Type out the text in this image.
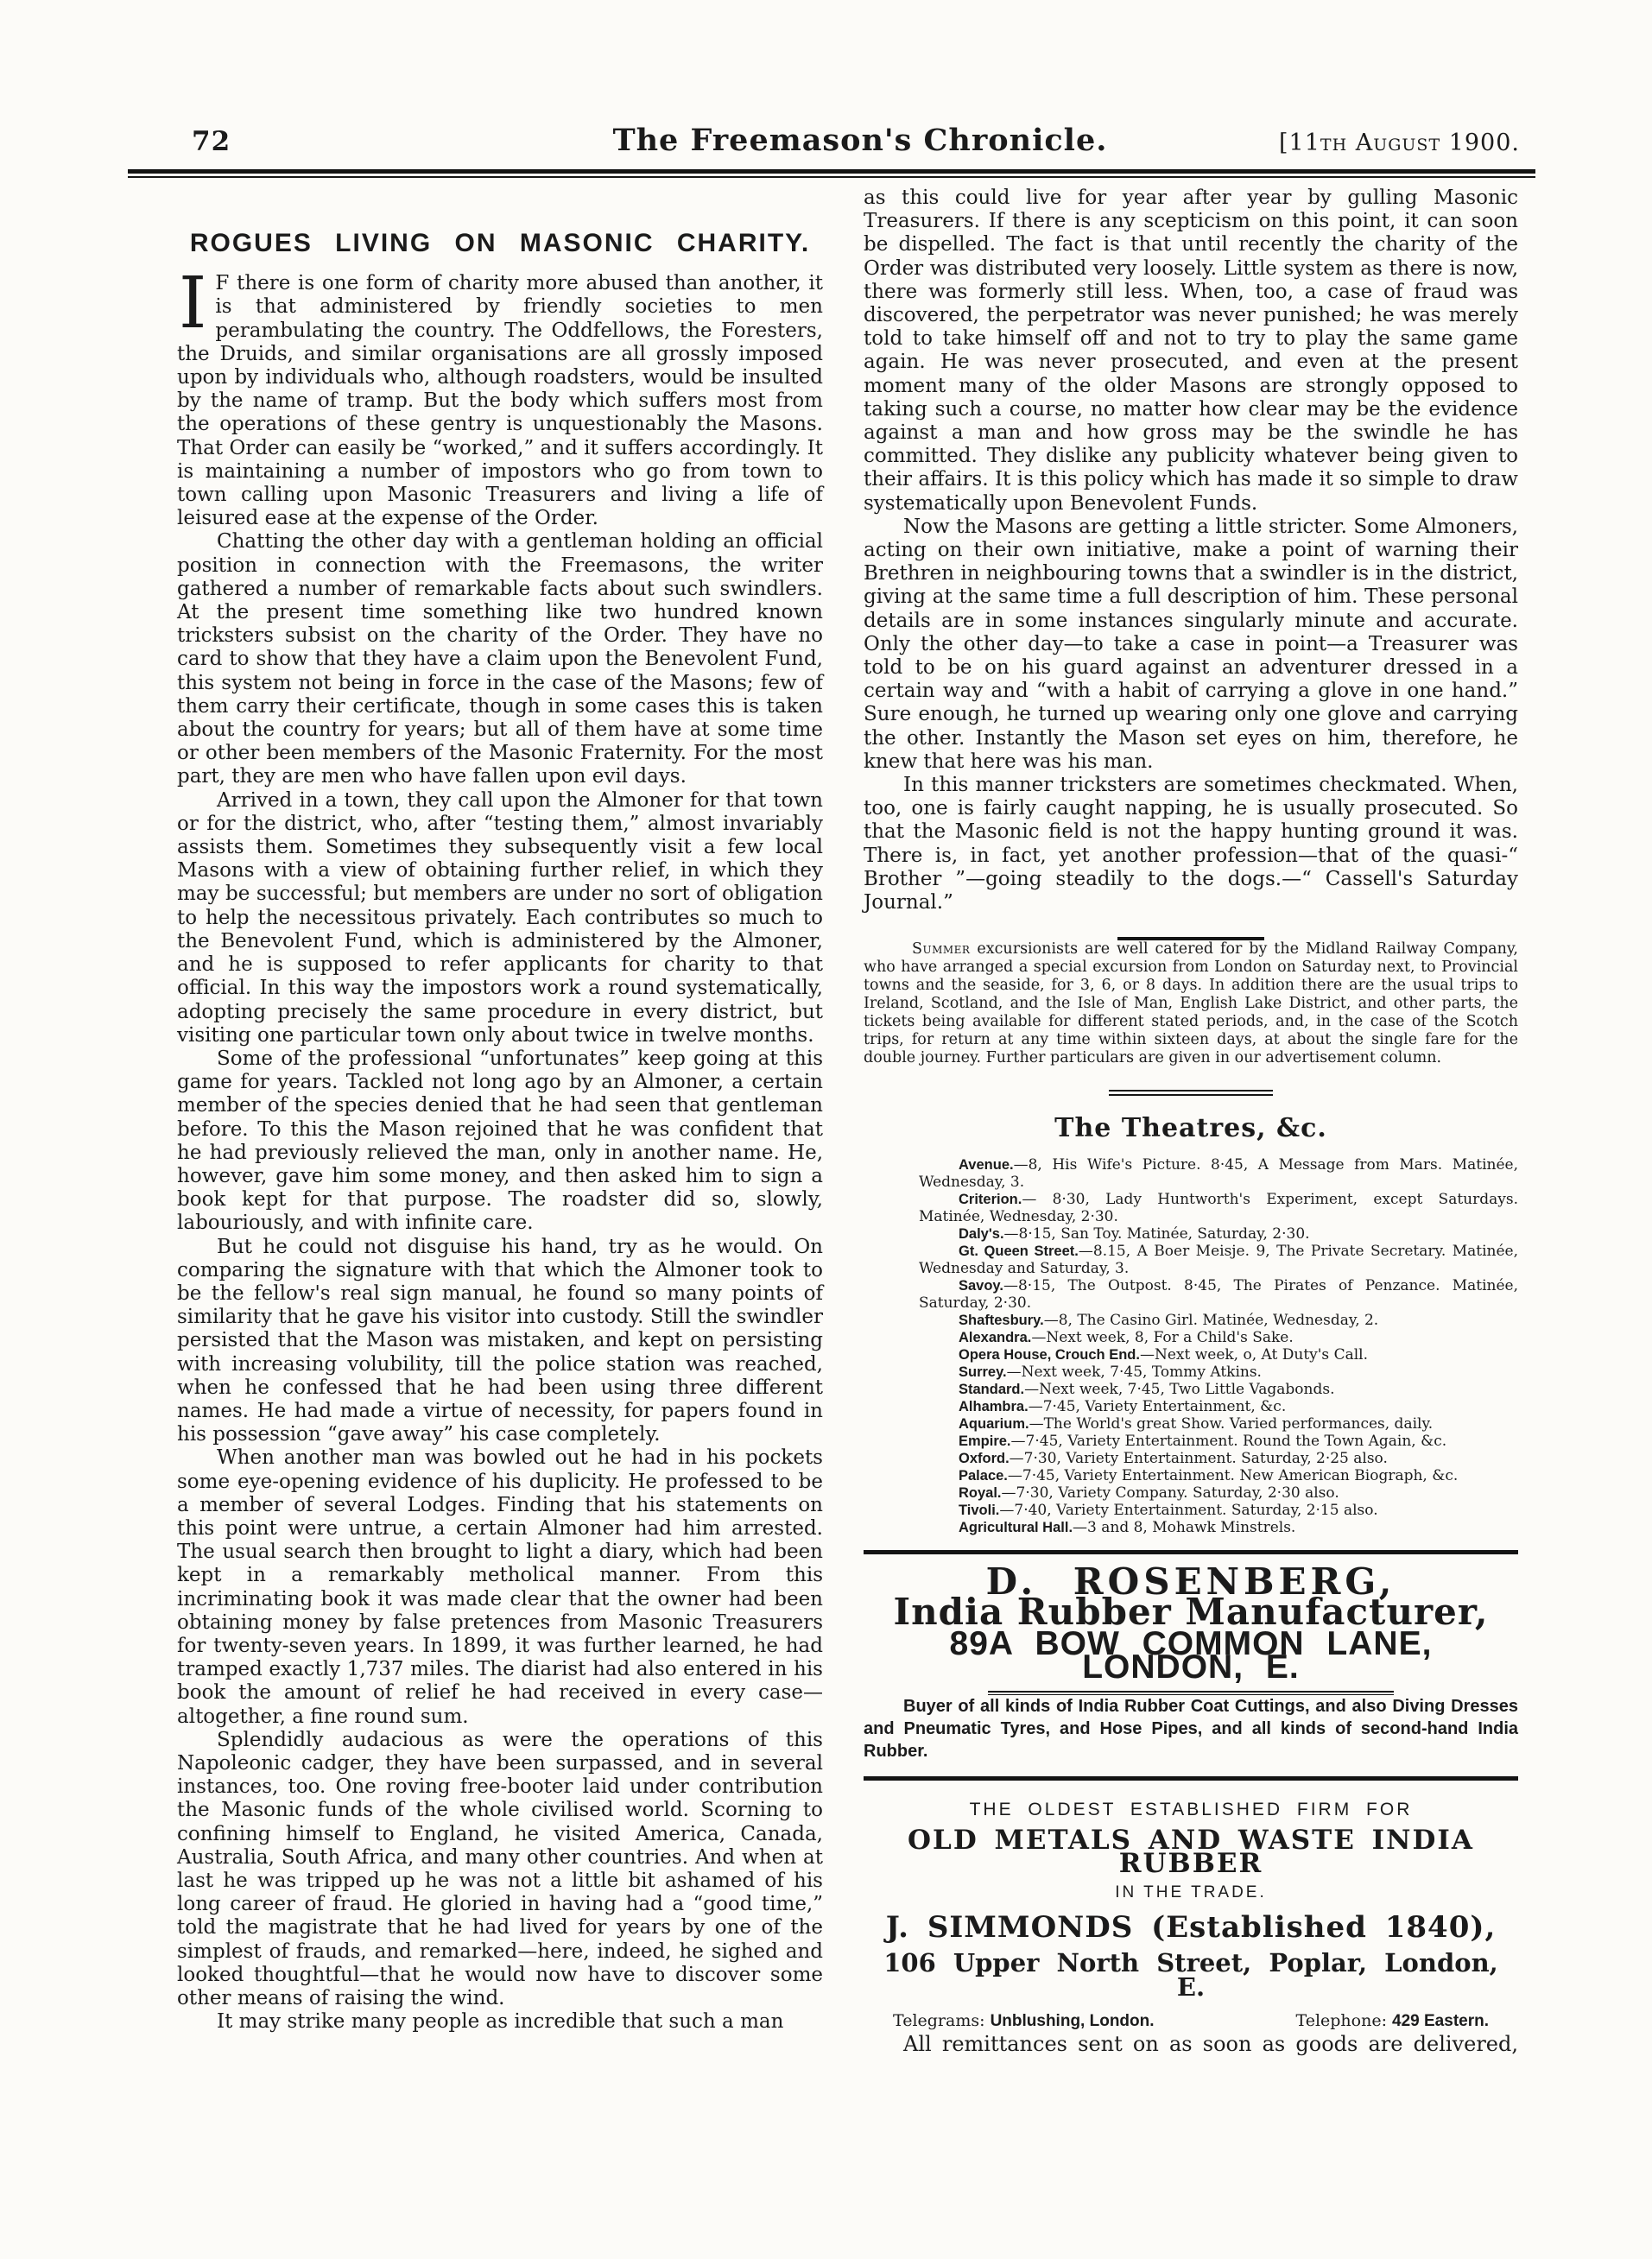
72	The Freemason's Chronicle.	[11th August 1900.
ROGUES LIVING ON MASONIC CHARITY.

I F there is one form of charity more abused than another, it is that administered by friendly societies to men perambulating the country. The Oddfellows, the Foresters, the Druids, and similar organisations are all grossly imposed upon by individuals who, although roadsters, would be insulted by the name of tramp. But the body which suffers most from the operations of these gentry is unquestionably the Masons. That Order can easily be “worked,” and it suffers accordingly. It is maintaining a number of impostors who go from town to town calling upon Masonic Treasurers and living a life of leisured ease at the expense of the Order.

Chatting the other day with a gentleman holding an official position in connection with the Freemasons, the writer gathered a number of remarkable facts about such swindlers. At the present time something like two hundred known tricksters subsist on the charity of the Order. They have no card to show that they have a claim upon the Benevolent Fund, this system not being in force in the case of the Masons; few of them carry their certificate, though in some cases this is taken about the country for years; but all of them have at some time or other been members of the Masonic Fraternity. For the most part, they are men who have fallen upon evil days.

Arrived in a town, they call upon the Almoner for that town or for the district, who, after “testing them,” almost invariably assists them. Sometimes they subsequently visit a few local Masons with a view of obtaining further relief, in which they may be successful; but members are under no sort of obligation to help the necessitous privately. Each contributes so much to the Benevolent Fund, which is administered by the Almoner, and he is supposed to refer applicants for charity to that official. In this way the impostors work a round systematically, adopting precisely the same procedure in every district, but visiting one particular town only about twice in twelve months.

Some of the professional “unfortunates” keep going at this game for years. Tackled not long ago by an Almoner, a certain member of the species denied that he had seen that gentleman before. To this the Mason rejoined that he was confident that he had previously relieved the man, only in another name. He, however, gave him some money, and then asked him to sign a book kept for that purpose. The roadster did so, slowly, labouriously, and with infinite care.

But he could not disguise his hand, try as he would. On comparing the signature with that which the Almoner took to be the fellow's real sign manual, he found so many points of similarity that he gave his visitor into custody. Still the swindler persisted that the Mason was mistaken, and kept on persisting with increasing volubility, till the police station was reached, when he confessed that he had been using three different names. He had made a virtue of necessity, for papers found in his possession “gave away” his case completely.

When another man was bowled out he had in his pockets some eye-opening evidence of his duplicity. He professed to be a member of several Lodges. Finding that his statements on this point were untrue, a certain Almoner had him arrested. The usual search then brought to light a diary, which had been kept in a remarkably metholical manner. From this incriminating book it was made clear that the owner had been obtaining money by false pretences from Masonic Treasurers for twenty-seven years. In 1899, it was further learned, he had tramped exactly 1,737 miles. The diarist had also entered in his book the amount of relief he had received in every case—altogether, a fine round sum.

Splendidly audacious as were the operations of this Napoleonic cadger, they have been surpassed, and in several instances, too. One roving free-booter laid under contribution the Masonic funds of the whole civilised world. Scorning to confining himself to England, he visited America, Canada, Australia, South Africa, and many other countries. And when at last he was tripped up he was not a little bit ashamed of his long career of fraud. He gloried in having had a “good time,” told the magistrate that he had lived for years by one of the simplest of frauds, and remarked—here, indeed, he sighed and looked thoughtful—that he would now have to discover some other means of raising the wind.

It may strike many people as incredible that such a man

as this could live for year after year by gulling Masonic Treasurers. If there is any scepticism on this point, it can soon be dispelled. The fact is that until recently the charity of the Order was distributed very loosely. Little system as there is now, there was formerly still less. When, too, a case of fraud was discovered, the perpetrator was never punished; he was merely told to take himself off and not to try to play the same game again. He was never prosecuted, and even at the present moment many of the older Masons are strongly opposed to taking such a course, no matter how clear may be the evidence against a man and how gross may be the swindle he has committed. They dislike any publicity whatever being given to their affairs. It is this policy which has made it so simple to draw systematically upon Benevolent Funds.

Now the Masons are getting a little stricter. Some Almoners, acting on their own initiative, make a point of warning their Brethren in neighbouring towns that a swindler is in the district, giving at the same time a full description of him. These personal details are in some instances singularly minute and accurate. Only the other day—to take a case in point—a Treasurer was told to be on his guard against an adventurer dressed in a certain way and “with a habit of carrying a glove in one hand.” Sure enough, he turned up wearing only one glove and carrying the other. Instantly the Mason set eyes on him, therefore, he knew that here was his man.

In this manner tricksters are sometimes checkmated. When, too, one is fairly caught napping, he is usually prosecuted. So that the Masonic field is not the happy hunting ground it was. There is, in fact, yet another profession—that of the quasi-“ Brother ”—going steadily to the dogs.—“ Cassell's Saturday Journal.”

Summer excursionists are well catered for by the Midland Railway Company, who have arranged a special excursion from London on Saturday next, to Provincial towns and the seaside, for 3, 6, or 8 days. In addition there are the usual trips to Ireland, Scotland, and the Isle of Man, English Lake District, and other parts, the tickets being available for different stated periods, and, in the case of the Scotch trips, for return at any time within sixteen days, at about the single fare for the double journey. Further particulars are given in our advertisement column.

The Theatres, &c.

Avenue.—8, His Wife's Picture. 8·45, A Message from Mars. Matinée, Wednesday, 3.

Criterion.— 8·30, Lady Huntworth's Experiment, except Saturdays. Matinée, Wednesday, 2·30.

Daly's.—8·15, San Toy. Matinée, Saturday, 2·30.

Gt. Queen Street.—8.15, A Boer Meisje. 9, The Private Secretary. Matinée, Wednesday and Saturday, 3.

Savoy.—8·15, The Outpost. 8·45, The Pirates of Penzance. Matinée, Saturday, 2·30.

Shaftesbury.—8, The Casino Girl. Matinée, Wednesday, 2.

Alexandra.—Next week, 8, For a Child's Sake.

Opera House, Crouch End.—Next week, o, At Duty's Call.

Surrey.—Next week, 7·45, Tommy Atkins.

Standard.—Next week, 7·45, Two Little Vagabonds.

Alhambra.—7·45, Variety Entertainment, &c.

Aquarium.—The World's great Show. Varied performances, daily.

Empire.—7·45, Variety Entertainment. Round the Town Again, &c.

Oxford.—7·30, Variety Entertainment. Saturday, 2·25 also.

Palace.—7·45, Variety Entertainment. New American Biograph, &c.

Royal.—7·30, Variety Company. Saturday, 2·30 also.

Tivoli.—7·40, Variety Entertainment. Saturday, 2·15 also.

Agricultural Hall.—3 and 8, Mohawk Minstrels.

D. ROSENBERG,
India Rubber Manufacturer,
89A BOW COMMON LANE, LONDON, E.

Buyer of all kinds of India Rubber Coat Cuttings, and also Diving Dresses and Pneumatic Tyres, and Hose Pipes, and all kinds of second-hand India Rubber.

THE OLDEST ESTABLISHED FIRM FOR
OLD METALS AND WASTE INDIA RUBBER
IN THE TRADE.
J. SIMMONDS (Established 1840),
106 Upper North Street, Poplar, London, E.
Telegrams: Unblushing, London.	Telephone: 429 Eastern.

All remittances sent on as soon as goods are delivered,
